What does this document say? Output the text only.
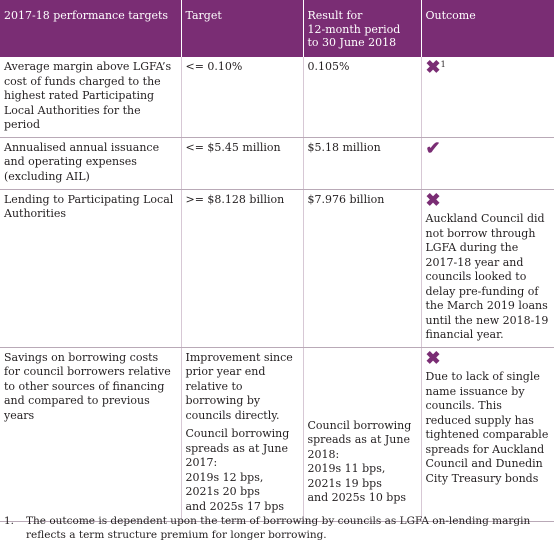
2017-18 performance targets	Target	Result for
12-month period
to 30 June 2018	Outcome
Average margin above LGFA’s cost of funds charged to the highest rated Participating Local Authorities for the period	<= 0.10%	0.105%	✖$^1$
Annualised annual issuance and operating expenses (excluding AIL)	<= $5.45 million	$5.18 million	✔
Lending to Participating Local Authorities	>= $8.128 billion	$7.976 billion	✖
Auckland Council did not borrow through LGFA during the 2017-18 year and councils looked to delay pre-funding of the March 2019 loans until the new 2018-19 financial year.

Savings on borrowing costs for council borrowers relative to other sources of financing and compared to previous years	Improvement since prior year end relative to borrowing by councils directly.
Council borrowing spreads as at June 2017:
2019s 12 bps,
2021s 20 bps
and 2025s 17 bps	Council borrowing spreads as at June 2018:
2019s 11 bps,
2021s 19 bps
and 2025s 10 bps	✖
Due to lack of single name issuance by councils. This reduced supply has tightened comparable spreads for Auckland Council and Dunedin City Treasury bonds
1. The outcome is dependent upon the term of borrowing by councils as LGFA on-lending margin reflects a term structure premium for longer borrowing.
